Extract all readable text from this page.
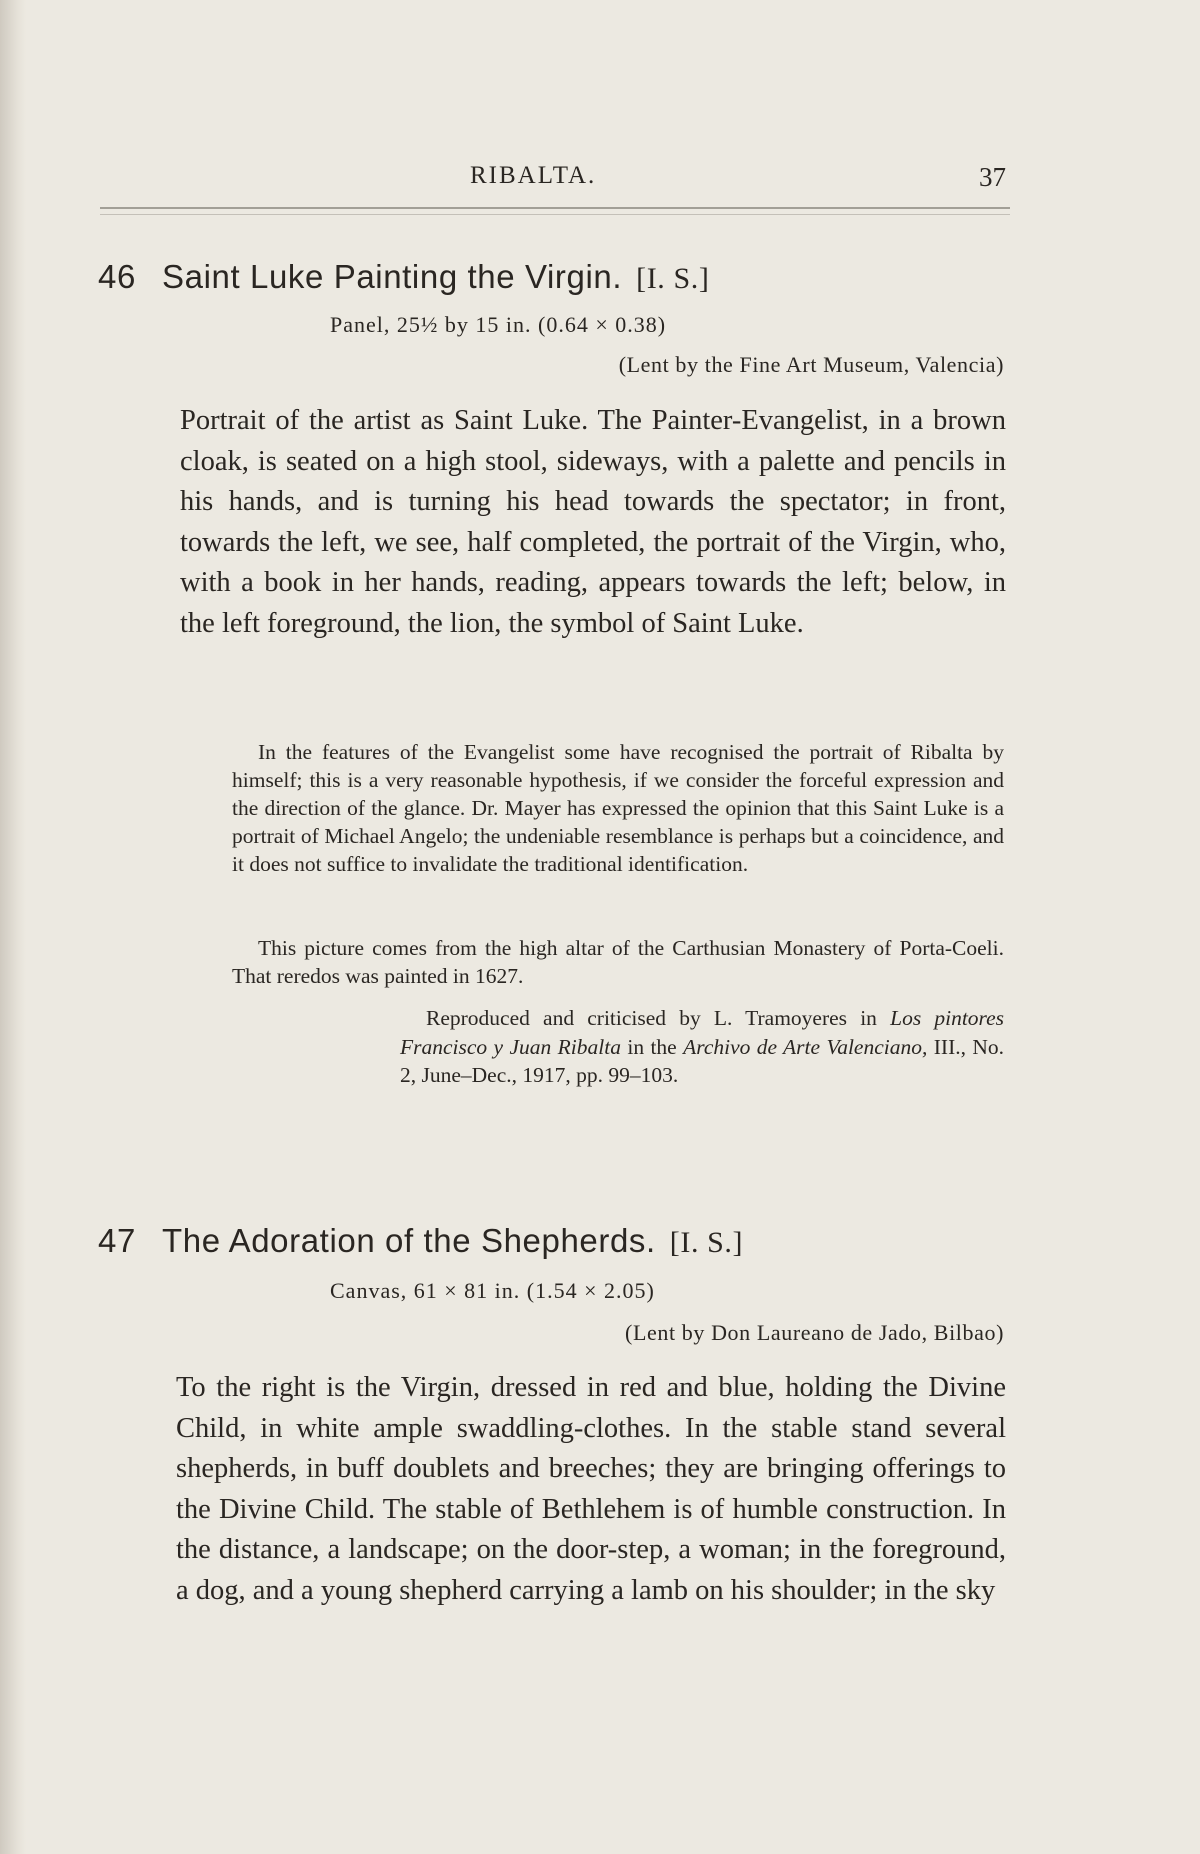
RIBALTA.	37
46 Saint Luke Painting the Virgin. [I. S.]
Panel, 25½ by 15 in. (0.64 × 0.38)
(Lent by the Fine Art Museum, Valencia)

Portrait of the artist as Saint Luke. The Painter-Evangelist, in a brown cloak, is seated on a high stool, sideways, with a palette and pencils in his hands, and is turning his head towards the spectator; in front, towards the left, we see, half completed, the portrait of the Virgin, who, with a book in her hands, reading, appears towards the left; below, in the left foreground, the lion, the symbol of Saint Luke.

In the features of the Evangelist some have recognised the portrait of Ribalta by himself; this is a very reasonable hypothesis, if we consider the forceful expression and the direction of the glance. Dr. Mayer has expressed the opinion that this Saint Luke is a portrait of Michael Angelo; the undeniable resemblance is perhaps but a coincidence, and it does not suffice to invalidate the traditional identification.

This picture comes from the high altar of the Carthusian Monastery of Porta-Coeli. That reredos was painted in 1627.

Reproduced and criticised by L. Tramoyeres in Los pintores Francisco y Juan Ribalta in the Archivo de Arte Valenciano, III., No. 2, June–Dec., 1917, pp. 99–103.

47 The Adoration of the Shepherds. [I. S.]
Canvas, 61 × 81 in. (1.54 × 2.05)
(Lent by Don Laureano de Jado, Bilbao)

To the right is the Virgin, dressed in red and blue, holding the Divine Child, in white ample swaddling-clothes. In the stable stand several shepherds, in buff doublets and breeches; they are bringing offerings to the Divine Child. The stable of Bethlehem is of humble construction. In the distance, a landscape; on the door-step, a woman; in the foreground, a dog, and a young shepherd carrying a lamb on his shoulder; in the sky
